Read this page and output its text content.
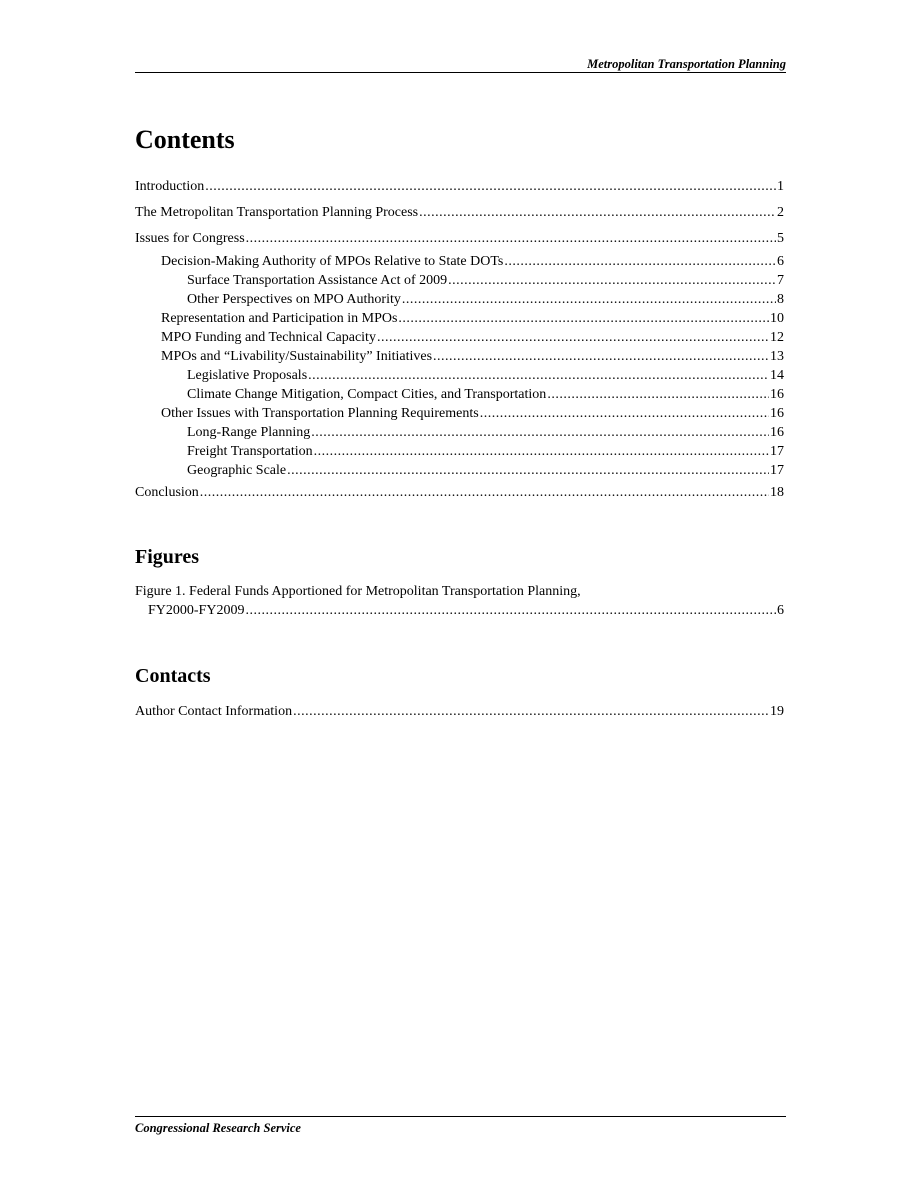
Metropolitan Transportation Planning
Contents
Introduction .....	1
The Metropolitan Transportation Planning Process .....	2
Issues for Congress .....	5
Decision-Making Authority of MPOs Relative to State DOTs .....	6
Surface Transportation Assistance Act of 2009 .....	7
Other Perspectives on MPO Authority .....	8
Representation and Participation in MPOs .....	10
MPO Funding and Technical Capacity .....	12
MPOs and “Livability/Sustainability” Initiatives .....	13
Legislative Proposals .....	14
Climate Change Mitigation, Compact Cities, and Transportation .....	16
Other Issues with Transportation Planning Requirements .....	16
Long-Range Planning .....	16
Freight Transportation .....	17
Geographic Scale .....	17
Conclusion .....	18
Figures
Figure 1. Federal Funds Apportioned for Metropolitan Transportation Planning,
FY2000-FY2009 .....	6
Contacts
Author Contact Information .....	19
Congressional Research Service
